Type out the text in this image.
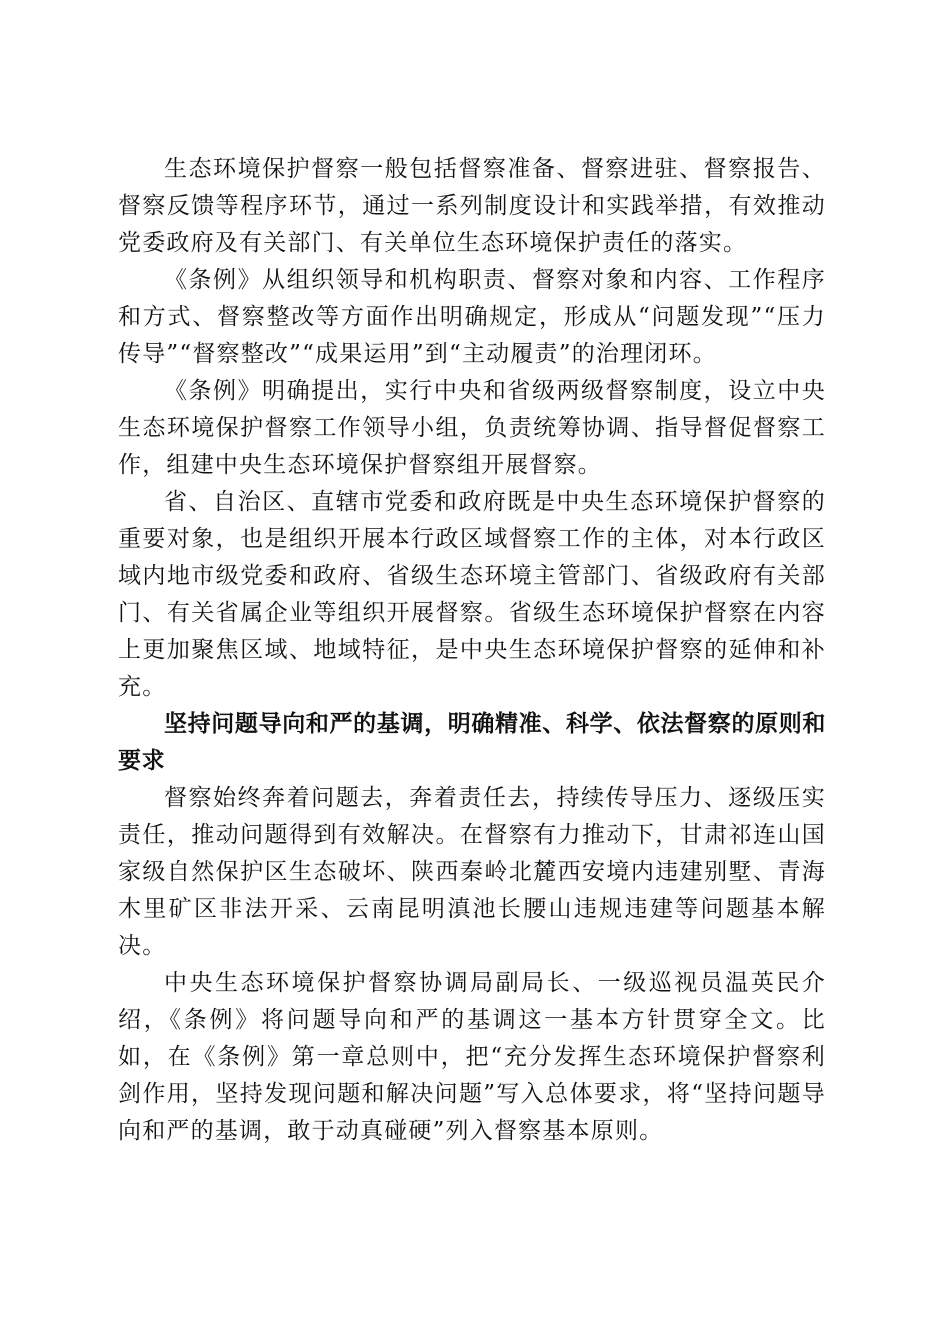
生态环境保护督察一般包括督察准备、督察进驻、督察报告、督察反馈等程序环节，通过一系列制度设计和实践举措，有效推动党委政府及有关部门、有关单位生态环境保护责任的落实。

《条例》从组织领导和机构职责、督察对象和内容、工作程序和方式、督察整改等方面作出明确规定，形成从“问题发现”“压力传导”“督察整改”“成果运用”到“主动履责”的治理闭环。

《条例》明确提出，实行中央和省级两级督察制度，设立中央生态环境保护督察工作领导小组，负责统筹协调、指导督促督察工作，组建中央生态环境保护督察组开展督察。

省、自治区、直辖市党委和政府既是中央生态环境保护督察的重要对象，也是组织开展本行政区域督察工作的主体，对本行政区域内地市级党委和政府、省级生态环境主管部门、省级政府有关部门、有关省属企业等组织开展督察。省级生态环境保护督察在内容上更加聚焦区域、地域特征，是中央生态环境保护督察的延伸和补充。

坚持问题导向和严的基调，明确精准、科学、依法督察的原则和要求

督察始终奔着问题去，奔着责任去，持续传导压力、逐级压实责任，推动问题得到有效解决。在督察有力推动下，甘肃祁连山国家级自然保护区生态破坏、陕西秦岭北麓西安境内违建别墅、青海木里矿区非法开采、云南昆明滇池长腰山违规违建等问题基本解决。

中央生态环境保护督察协调局副局长、一级巡视员温英民介绍，《条例》将问题导向和严的基调这一基本方针贯穿全文。比如，在《条例》第一章总则中，把“充分发挥生态环境保护督察利剑作用，坚持发现问题和解决问题”写入总体要求，将“坚持问题导向和严的基调，敢于动真碰硬”列入督察基本原则。
